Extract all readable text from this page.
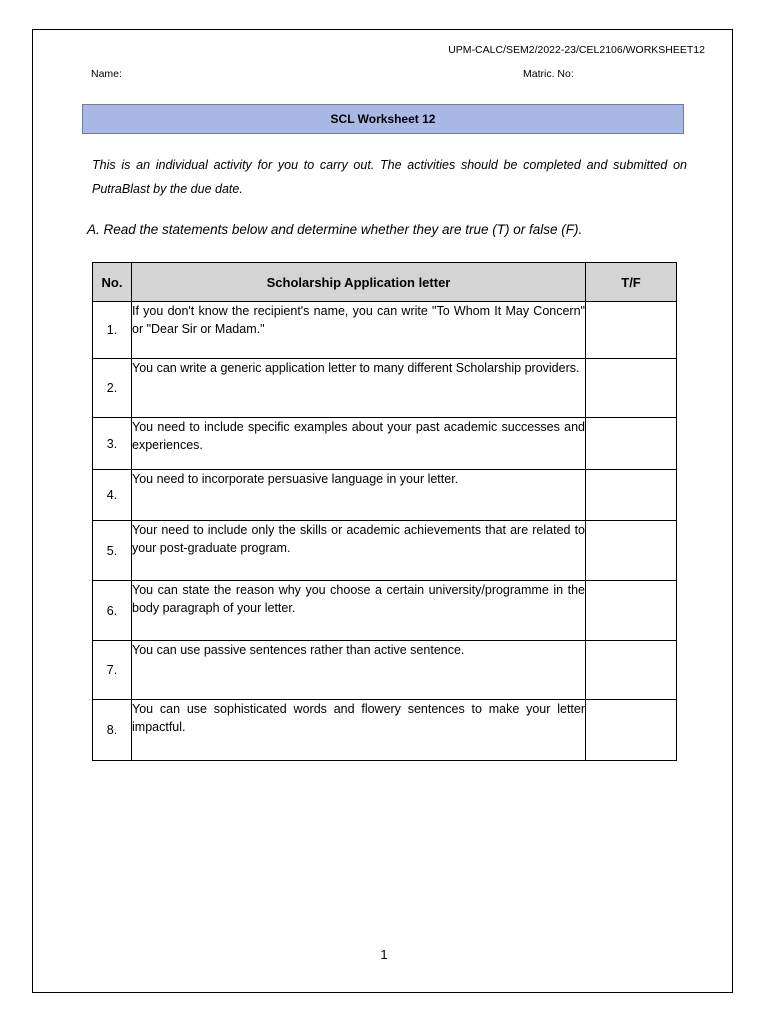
UPM-CALC/SEM2/2022-23/CEL2106/WORKSHEET12
Name:	Matric. No:
SCL Worksheet 12
This is an individual activity for you to carry out. The activities should be completed and submitted on PutraBlast by the due date.
A. Read the statements below and determine whether they are true (T) or false (F).
No.	Scholarship Application letter	T/F
1.	If you don't know the recipient's name, you can write "To Whom It May Concern" or "Dear Sir or Madam."	
2.	You can write a generic application letter to many different Scholarship providers.	
3.	You need to include specific examples about your past academic successes and experiences.	
4.	You need to incorporate persuasive language in your letter.	
5.	Your need to include only the skills or academic achievements that are related to your post-graduate program.	
6.	You can state the reason why you choose a certain university/programme in the body paragraph of your letter.	
7.	You can use passive sentences rather than active sentence.	
8.	You can use sophisticated words and flowery sentences to make your letter impactful.	
1
